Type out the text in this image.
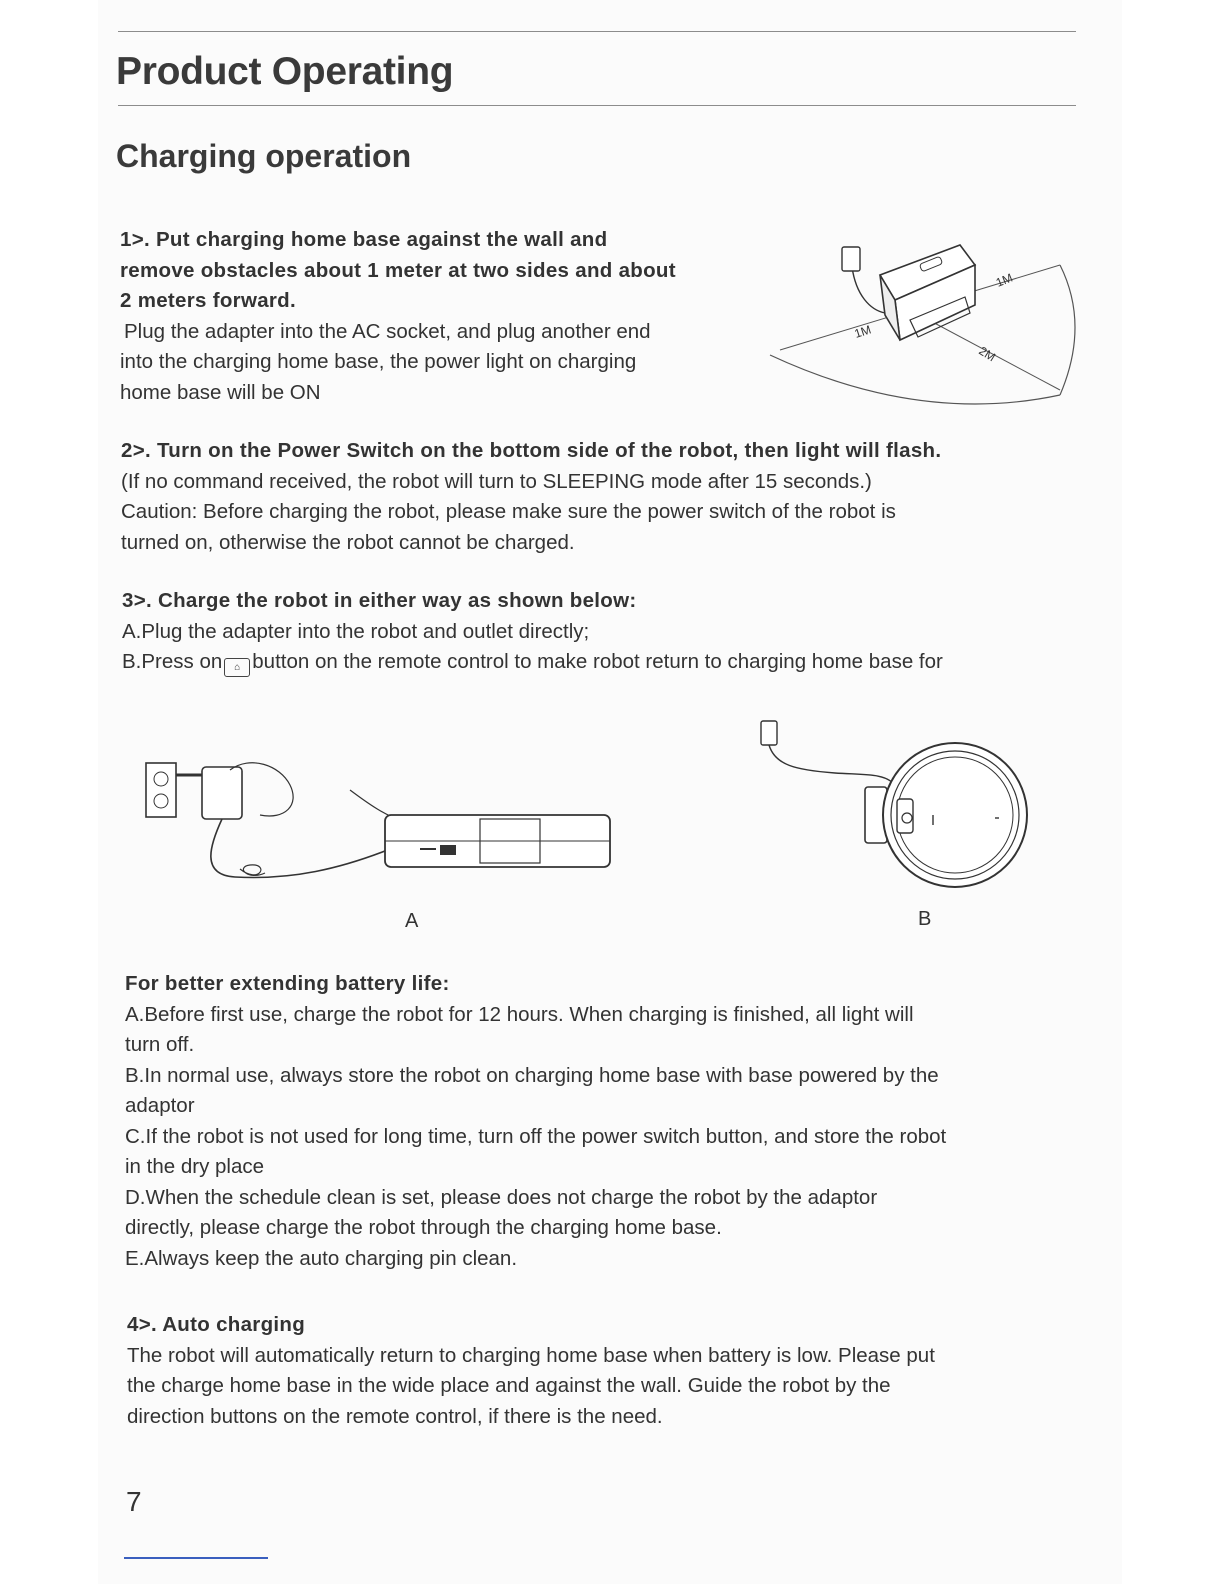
Product Operating
Charging operation

1>. Put charging home base against the wall and

remove obstacles about 1 meter at two sides and about

2 meters forward.

Plug the adapter into the AC socket, and plug another end

into the charging home base, the power light on charging

home base will be ON

1M
1M
2M

2>. Turn on the Power Switch on the bottom side of the robot, then light will flash.

(If no command received, the robot will turn to SLEEPING mode after 15 seconds.)

Caution: Before charging the robot, please make sure the power switch of the robot is

turned on, otherwise the robot cannot be charged.

3>. Charge the robot in either way as shown below:

A.Plug the adapter into the robot and outlet directly;

B.Press on ⌂ button on the remote control to make robot return to charging home base for

A	B

For better extending battery life:

A.Before first use, charge the robot for 12 hours. When charging is finished, all light will

turn off.

B.In normal use, always store the robot on charging home base with base powered by the

adaptor

C.If the robot is not used for long time, turn off the power switch button, and store the robot

in the dry place

D.When the schedule clean is set, please does not charge the robot by the adaptor

directly, please charge the robot through the charging home base.

E.Always keep the auto charging pin clean.

4>. Auto charging

The robot will automatically return to charging home base when battery is low. Please put

the charge home base in the wide place and against the wall. Guide the robot by the

direction buttons on the remote control, if there is the need.

7
